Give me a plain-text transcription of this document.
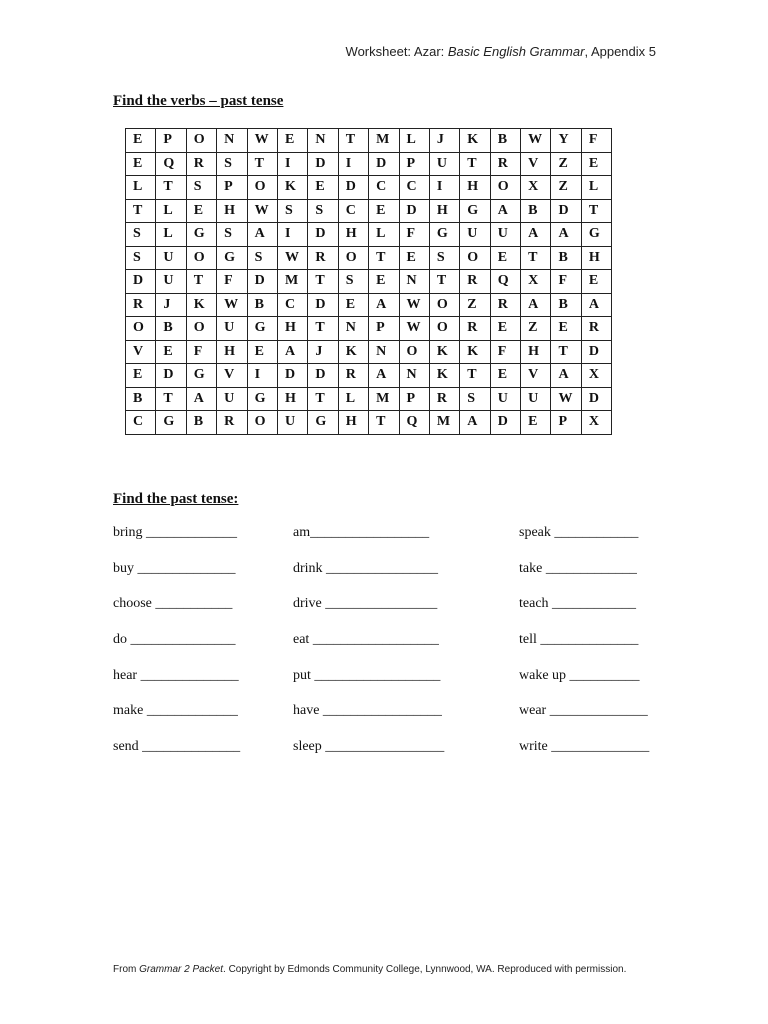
Worksheet: Azar: Basic English Grammar, Appendix 5
Find the verbs – past tense
E	P	O	N	W	E	N	T	M	L	J	K	B	W	Y	F
E	Q	R	S	T	I	D	I	D	P	U	T	R	V	Z	E
L	T	S	P	O	K	E	D	C	C	I	H	O	X	Z	L
T	L	E	H	W	S	S	C	E	D	H	G	A	B	D	T
S	L	G	S	A	I	D	H	L	F	G	U	U	A	A	G
S	U	O	G	S	W	R	O	T	E	S	O	E	T	B	H
D	U	T	F	D	M	T	S	E	N	T	R	Q	X	F	E
R	J	K	W	B	C	D	E	A	W	O	Z	R	A	B	A
O	B	O	U	G	H	T	N	P	W	O	R	E	Z	E	R
V	E	F	H	E	A	J	K	N	O	K	K	F	H	T	D
E	D	G	V	I	D	D	R	A	N	K	T	E	V	A	X
B	T	A	U	G	H	T	L	M	P	R	S	U	U	W	D
C	G	B	R	O	U	G	H	T	Q	M	A	D	E	P	X
Find the past tense:
bring _____________
buy ______________
choose ___________
do _______________
hear ______________
make _____________
send ______________
am_________________
drink ________________
drive ________________
eat __________________
put __________________
have _________________
sleep _________________
speak ____________
take _____________
teach ____________
tell ______________
wake up __________
wear ______________
write ______________
From Grammar 2 Packet. Copyright by Edmonds Community College, Lynnwood, WA. Reproduced with permission.
